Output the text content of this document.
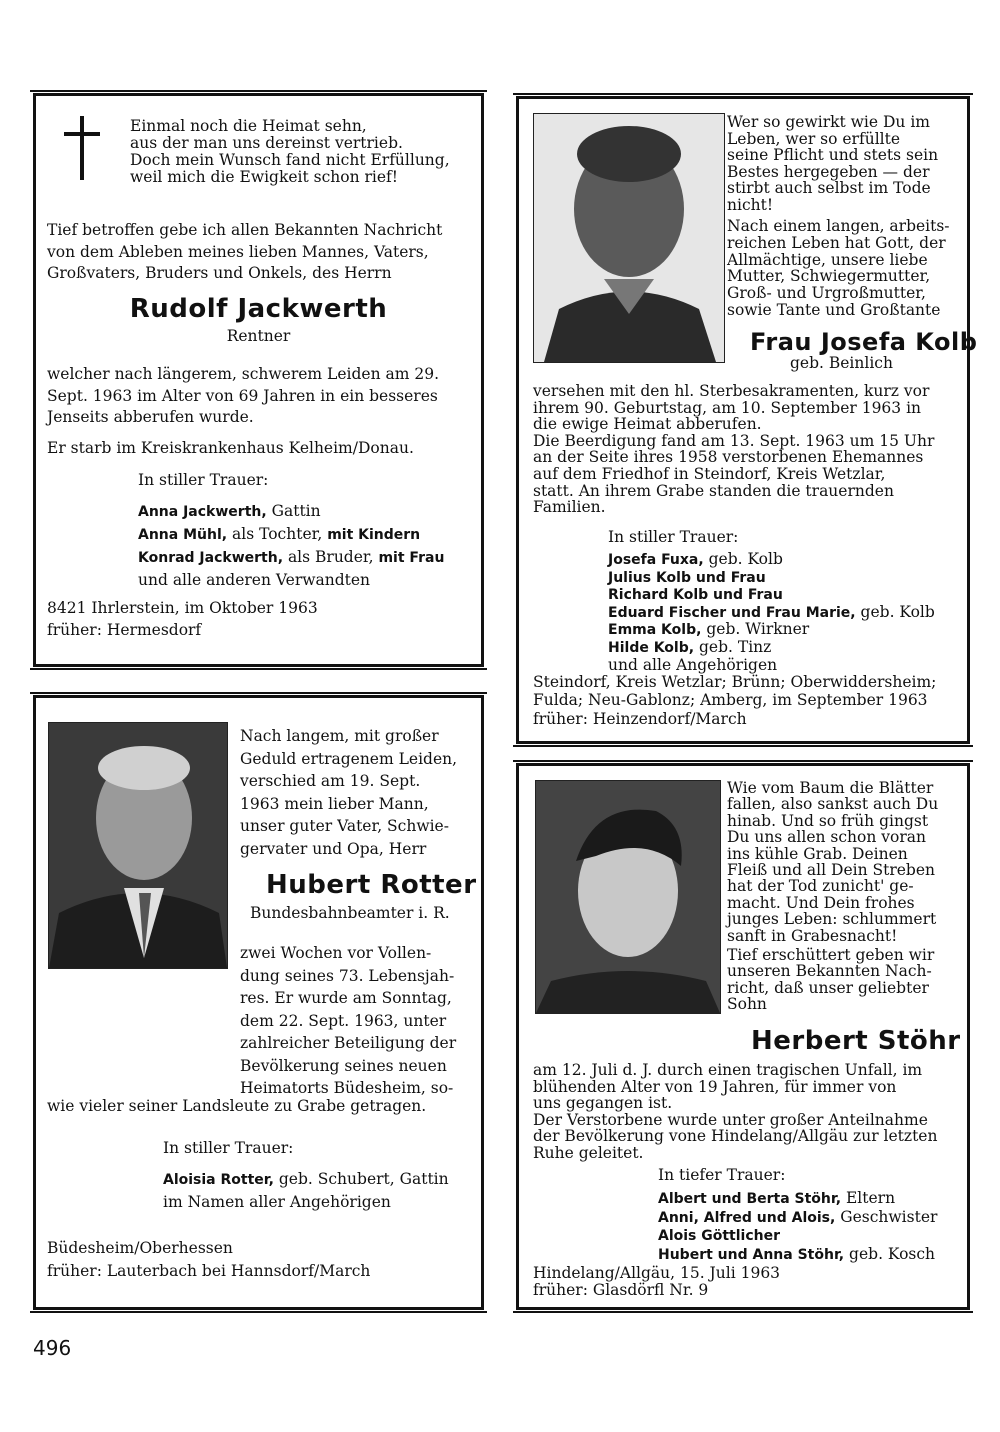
Einmal noch die Heimat sehn,
aus der man uns dereinst vertrieb.
Doch mein Wunsch fand nicht Erfüllung,
weil mich die Ewigkeit schon rief!
Tief betroffen gebe ich allen Bekannten Nachricht
von dem Ableben meines lieben Mannes, Vaters,
Großvaters, Bruders und Onkels, des Herrn
Rudolf Jackwerth
Rentner
welcher nach längerem, schwerem Leiden am 29.
Sept. 1963 im Alter von 69 Jahren in ein besseres
Jenseits abberufen wurde.
Er starb im Kreiskrankenhaus Kelheim/Donau.
In stiller Trauer:
Anna Jackwerth, Gattin
Anna Mühl, als Tochter, mit Kindern
Konrad Jackwerth, als Bruder, mit Frau
und alle anderen Verwandten
8421 Ihrlerstein, im Oktober 1963
früher: Hermesdorf
Wer so gewirkt wie Du im
Leben, wer so erfüllte
seine Pflicht und stets sein
Bestes hergegeben — der
stirbt auch selbst im Tode
nicht!
Nach einem langen, arbeits-
reichen Leben hat Gott, der
Allmächtige, unsere liebe
Mutter, Schwiegermutter,
Groß- und Urgroßmutter,
sowie Tante und Großtante
Frau Josefa Kolb
geb. Beinlich
versehen mit den hl. Sterbesakramenten, kurz vor
ihrem 90. Geburtstag, am 10. September 1963 in
die ewige Heimat abberufen.
Die Beerdigung fand am 13. Sept. 1963 um 15 Uhr
an der Seite ihres 1958 verstorbenen Ehemannes
auf dem Friedhof in Steindorf, Kreis Wetzlar,
statt. An ihrem Grabe standen die trauernden
Familien.
In stiller Trauer:
Josefa Fuxa, geb. Kolb
Julius Kolb und Frau
Richard Kolb und Frau
Eduard Fischer und Frau Marie, geb. Kolb
Emma Kolb, geb. Wirkner
Hilde Kolb, geb. Tinz
und alle Angehörigen
Steindorf, Kreis Wetzlar; Brünn; Oberwiddersheim;
Fulda; Neu-Gablonz; Amberg, im September 1963
früher: Heinzendorf/March
Nach langem, mit großer
Geduld ertragenem Leiden,
verschied am 19. Sept.
1963 mein lieber Mann,
unser guter Vater, Schwie-
gervater und Opa, Herr
Hubert Rotter
Bundesbahnbeamter i. R.
zwei Wochen vor Vollen-
dung seines 73. Lebensjah-
res. Er wurde am Sonntag,
dem 22. Sept. 1963, unter
zahlreicher Beteiligung der
Bevölkerung seines neuen
Heimatorts Büdesheim, so-
wie vieler seiner Landsleute zu Grabe getragen.
In stiller Trauer:
Aloisia Rotter, geb. Schubert, Gattin
im Namen aller Angehörigen
Büdesheim/Oberhessen
früher: Lauterbach bei Hannsdorf/March
Wie vom Baum die Blätter
fallen, also sankst auch Du
hinab. Und so früh gingst
Du uns allen schon voran
ins kühle Grab. Deinen
Fleiß und all Dein Streben
hat der Tod zunicht' ge-
macht. Und Dein frohes
junges Leben: schlummert
sanft in Grabesnacht!
Tief erschüttert geben wir
unseren Bekannten Nach-
richt, daß unser geliebter
Sohn
Herbert Stöhr
am 12. Juli d. J. durch einen tragischen Unfall, im
blühenden Alter von 19 Jahren, für immer von
uns gegangen ist.
Der Verstorbene wurde unter großer Anteilnahme
der Bevölkerung vone Hindelang/Allgäu zur letzten
Ruhe geleitet.
In tiefer Trauer:
Albert und Berta Stöhr, Eltern
Anni, Alfred und Alois, Geschwister
Alois Göttlicher
Hubert und Anna Stöhr, geb. Kosch
Hindelang/Allgäu, 15. Juli 1963
früher: Glasdörfl Nr. 9
496
